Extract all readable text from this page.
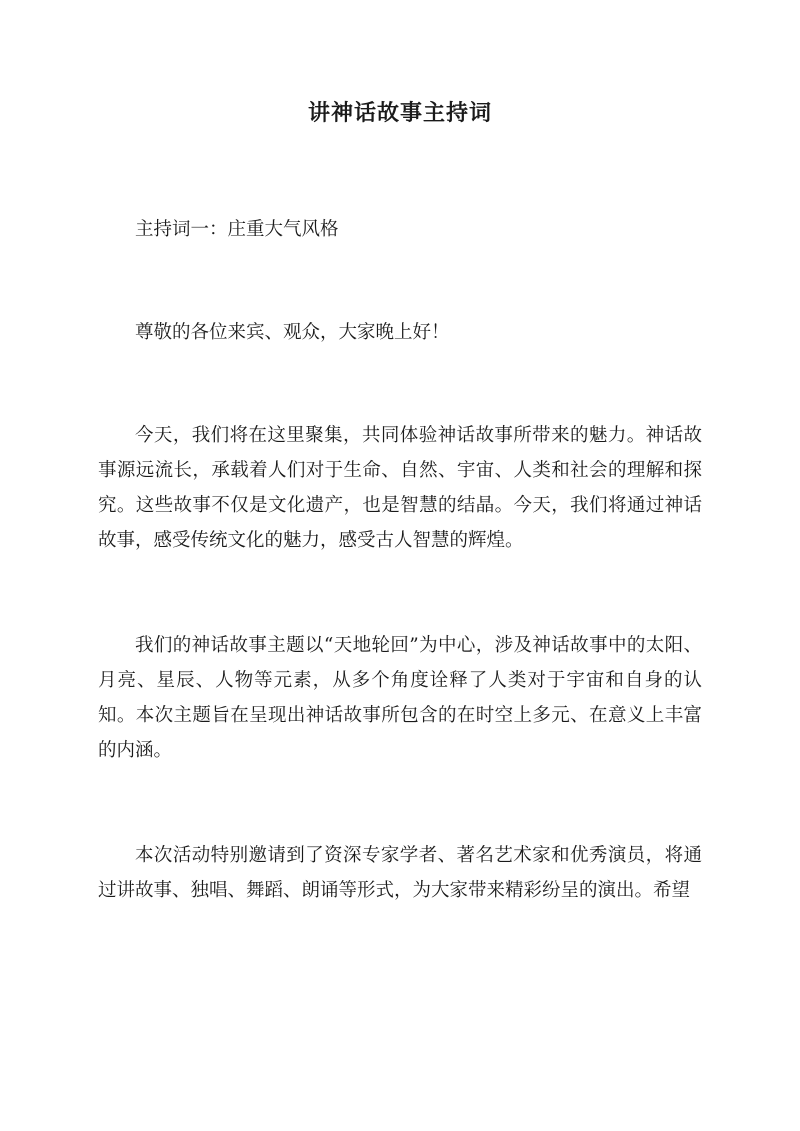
讲神话故事主持词

主持词一：庄重大气风格

尊敬的各位来宾、观众，大家晚上好！

今天，我们将在这里聚集，共同体验神话故事所带来的魅力。神话故事源远流长，承载着人们对于生命、自然、宇宙、人类和社会的理解和探究。这些故事不仅是文化遗产，也是智慧的结晶。今天，我们将通过神话故事，感受传统文化的魅力，感受古人智慧的辉煌。

我们的神话故事主题以“天地轮回”为中心，涉及神话故事中的太阳、月亮、星辰、人物等元素，从多个角度诠释了人类对于宇宙和自身的认知。本次主题旨在呈现出神话故事所包含的在时空上多元、在意义上丰富的内涵。

本次活动特别邀请到了资深专家学者、著名艺术家和优秀演员，将通过讲故事、独唱、舞蹈、朗诵等形式，为大家带来精彩纷呈的演出。希望
